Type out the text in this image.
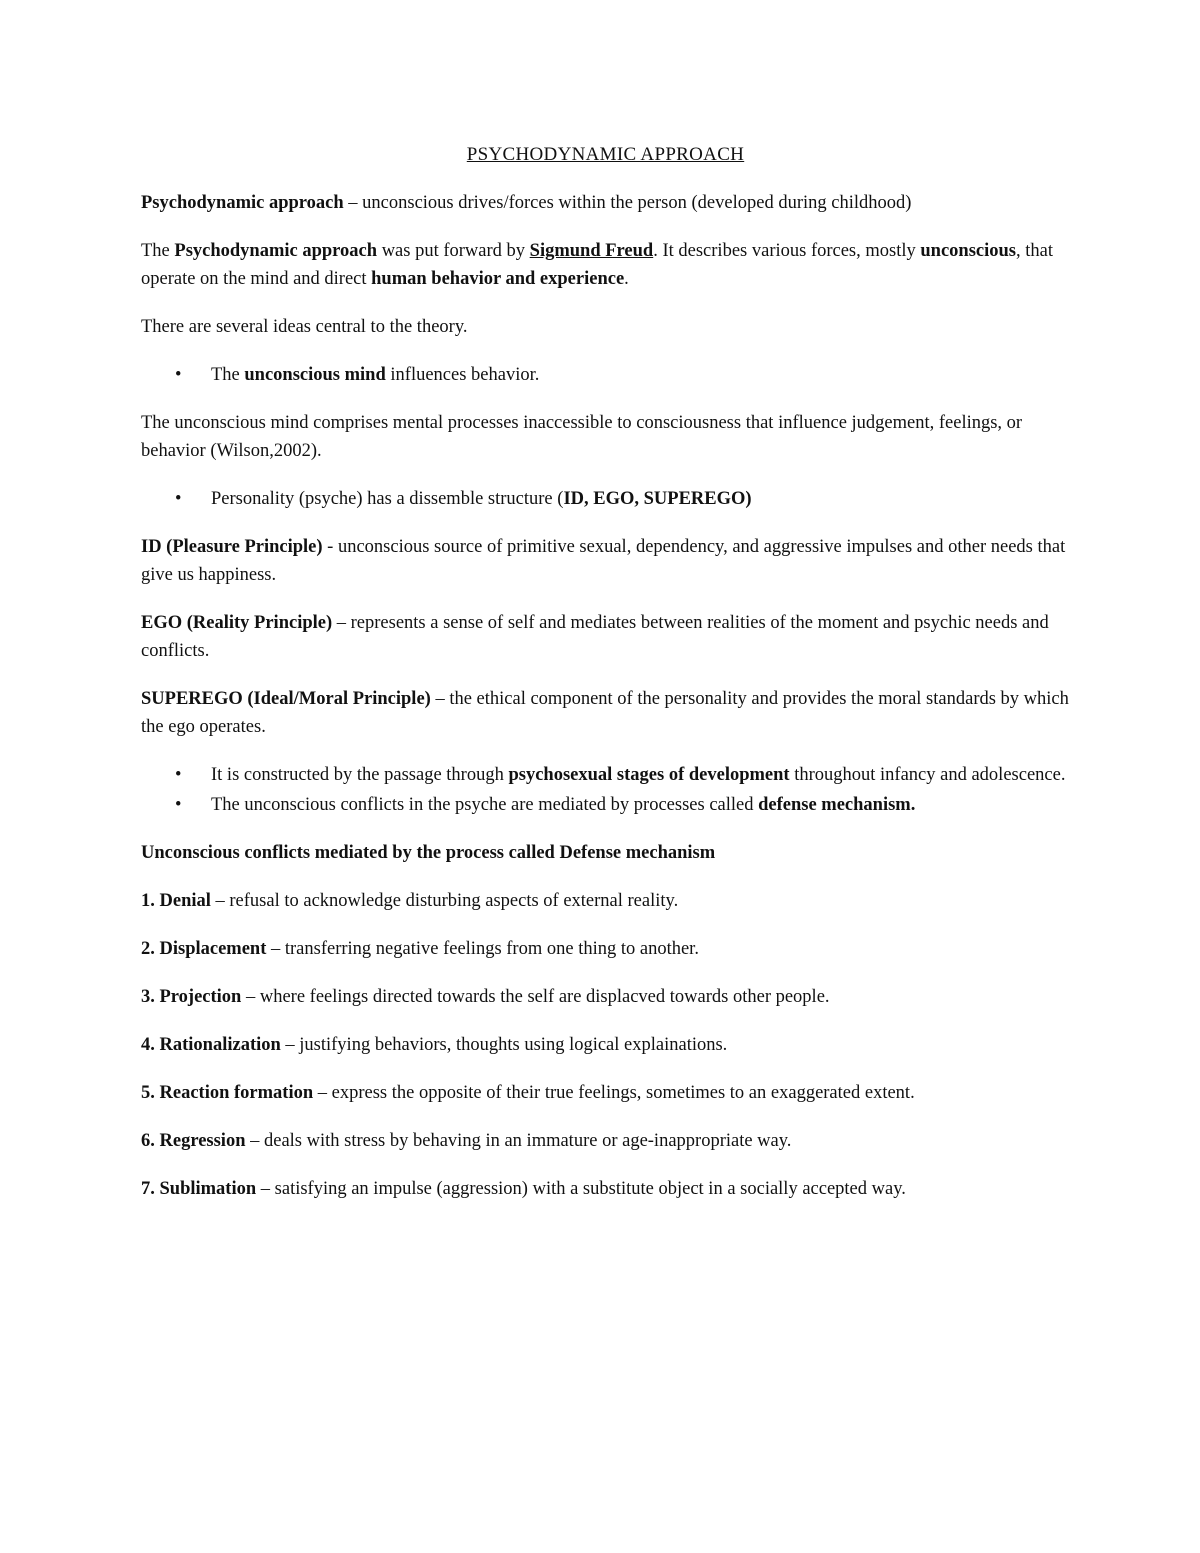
PSYCHODYNAMIC APPROACH

Psychodynamic approach – unconscious drives/forces within the person (developed during childhood)

The Psychodynamic approach was put forward by Sigmund Freud. It describes various forces, mostly unconscious, that operate on the mind and direct human behavior and experience.

There are several ideas central to the theory.

• The unconscious mind influences behavior.

The unconscious mind comprises mental processes inaccessible to consciousness that influence judgement, feelings, or behavior (Wilson,2002).

• Personality (psyche) has a dissemble structure (ID, EGO, SUPEREGO)

ID (Pleasure Principle) - unconscious source of primitive sexual, dependency, and aggressive impulses and other needs that give us happiness.

EGO (Reality Principle) – represents a sense of self and mediates between realities of the moment and psychic needs and conflicts.

SUPEREGO (Ideal/Moral Principle) – the ethical component of the personality and provides the moral standards by which the ego operates.

• It is constructed by the passage through psychosexual stages of development throughout infancy and adolescence.
• The unconscious conflicts in the psyche are mediated by processes called defense mechanism.

Unconscious conflicts mediated by the process called Defense mechanism

1. Denial – refusal to acknowledge disturbing aspects of external reality.

2. Displacement – transferring negative feelings from one thing to another.

3. Projection – where feelings directed towards the self are displacved towards other people.

4. Rationalization – justifying behaviors, thoughts using logical explainations.

5. Reaction formation – express the opposite of their true feelings, sometimes to an exaggerated extent.

6. Regression – deals with stress by behaving in an immature or age-inappropriate way.

7. Sublimation – satisfying an impulse (aggression) with a substitute object in a socially accepted way.
